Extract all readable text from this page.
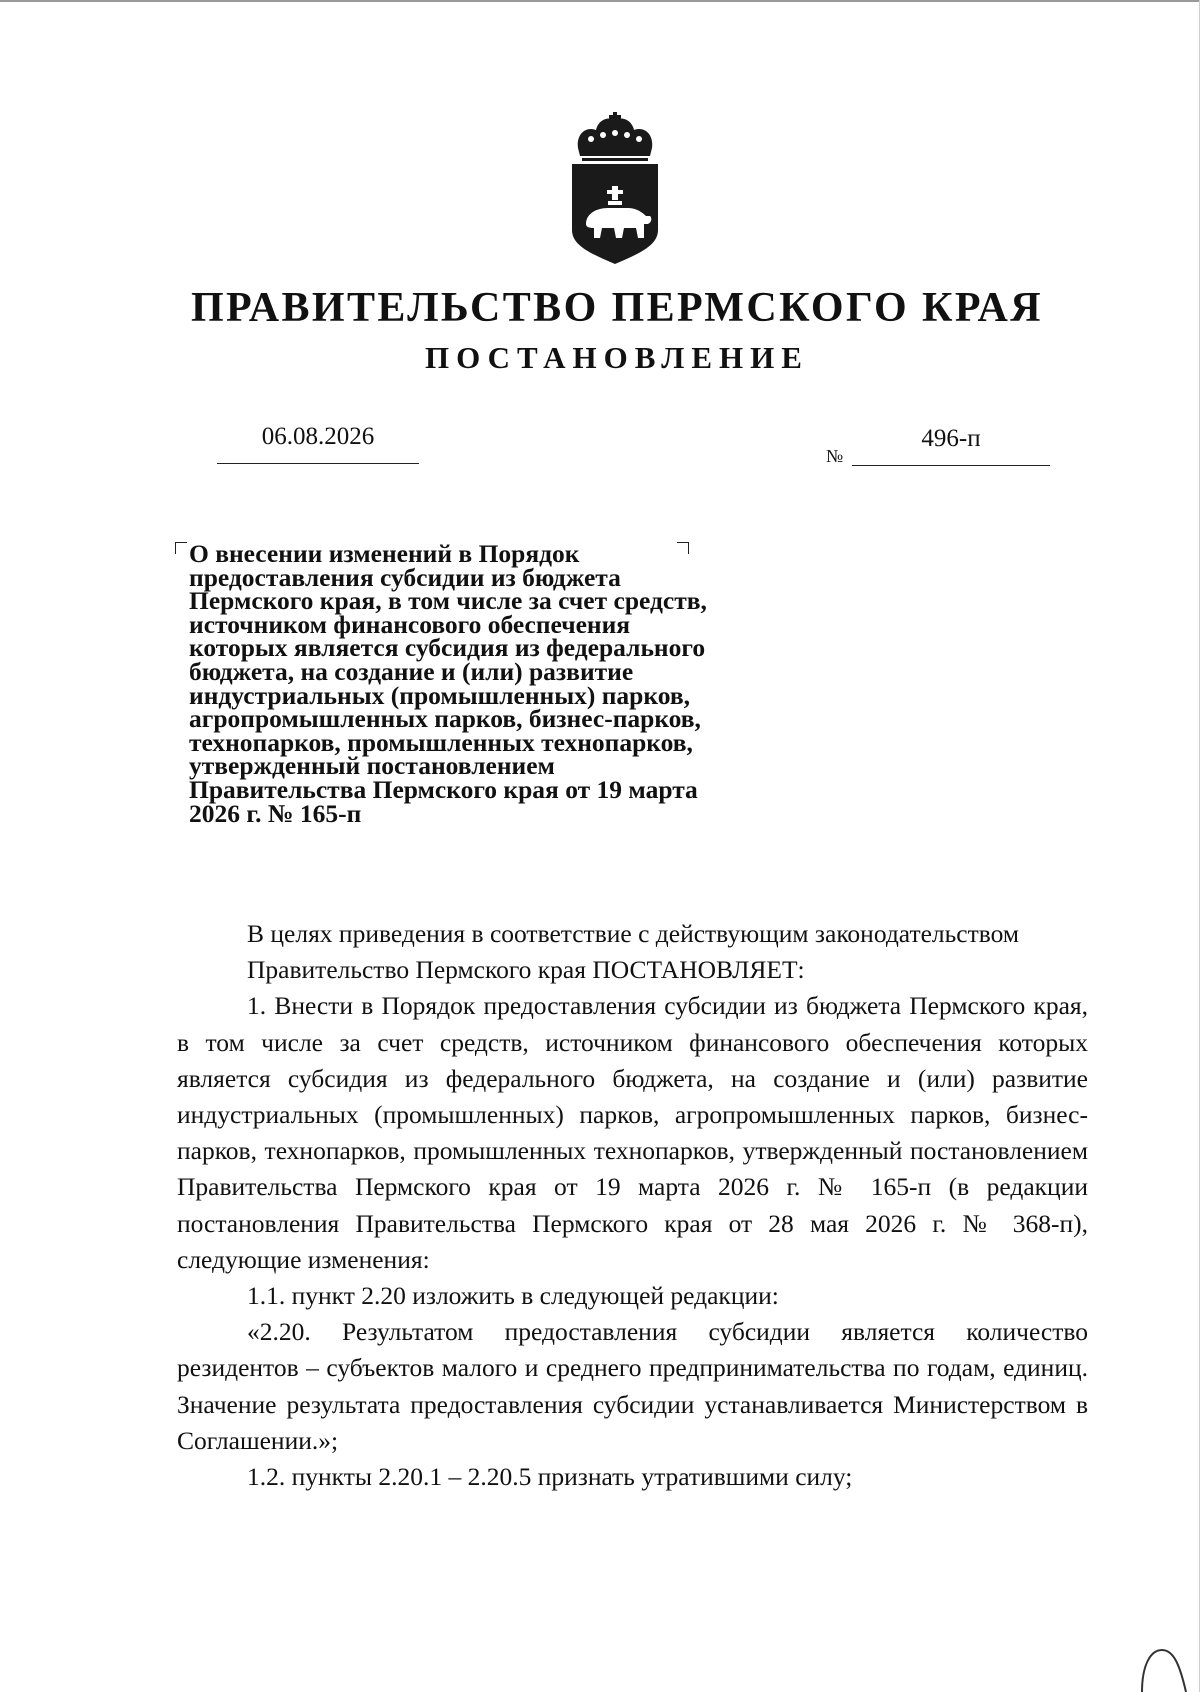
ПРАВИТЕЛЬСТВО ПЕРМСКОГО КРАЯ
ПОСТАНОВЛЕНИЕ
06.08.2026
№
496-п
О внесении изменений в Порядок
предоставления субсидии из бюджета
Пермского края, в том числе за счет средств,
источником финансового обеспечения
которых является субсидия из федерального
бюджета, на создание и (или) развитие
индустриальных (промышленных) парков,
агропромышленных парков, бизнес-парков,
технопарков, промышленных технопарков,
утвержденный постановлением
Правительства Пермского края от 19 марта
2026 г. № 165-п

В целях приведения в соответствие с действующим законодательством

Правительство Пермского края ПОСТАНОВЛЯЕТ:

1. Внести в Порядок предоставления субсидии из бюджета Пермского края, в том числе за счет средств, источником финансового обеспечения которых является субсидия из федерального бюджета, на создание и (или) развитие индустриальных (промышленных) парков, агропромышленных парков, бизнес-парков, технопарков, промышленных технопарков, утвержденный постановлением Правительства Пермского края от 19 марта 2026 г. № 165-п (в редакции постановления Правительства Пермского края от 28 мая 2026 г. № 368-п), следующие изменения:

1.1. пункт 2.20 изложить в следующей редакции:

«2.20. Результатом предоставления субсидии является количество резидентов – субъектов малого и среднего предпринимательства по годам, единиц. Значение результата предоставления субсидии устанавливается Министерством в Соглашении.»;

1.2. пункты 2.20.1 – 2.20.5 признать утратившими силу;
